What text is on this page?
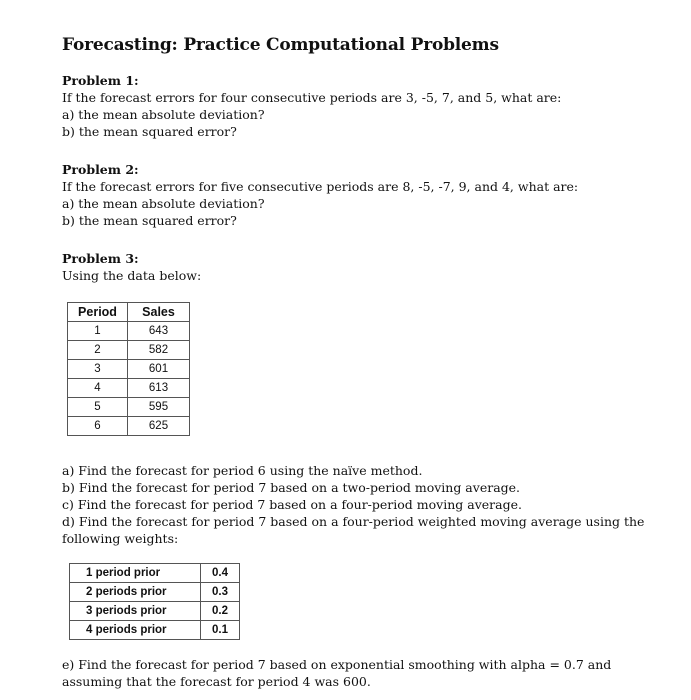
Forecasting: Practice Computational Problems
Problem 1:
If the forecast errors for four consecutive periods are 3, -5, 7, and 5, what are:
a) the mean absolute deviation?
b) the mean squared error?
Problem 2:
If the forecast errors for five consecutive periods are 8, -5, -7, 9, and 4, what are:
a) the mean absolute deviation?
b) the mean squared error?
Problem 3:
Using the data below:
Period	Sales
1	643
2	582
3	601
4	613
5	595
6	625
a) Find the forecast for period 6 using the naïve method.
b) Find the forecast for period 7 based on a two-period moving average.
c) Find the forecast for period 7 based on a four-period moving average.
d) Find the forecast for period 7 based on a four-period weighted moving average using the following weights:
1 period prior	0.4
2 periods prior	0.3
3 periods prior	0.2
4 periods prior	0.1
e) Find the forecast for period 7 based on exponential smoothing with alpha = 0.7 and assuming that the forecast for period 4 was 600.
